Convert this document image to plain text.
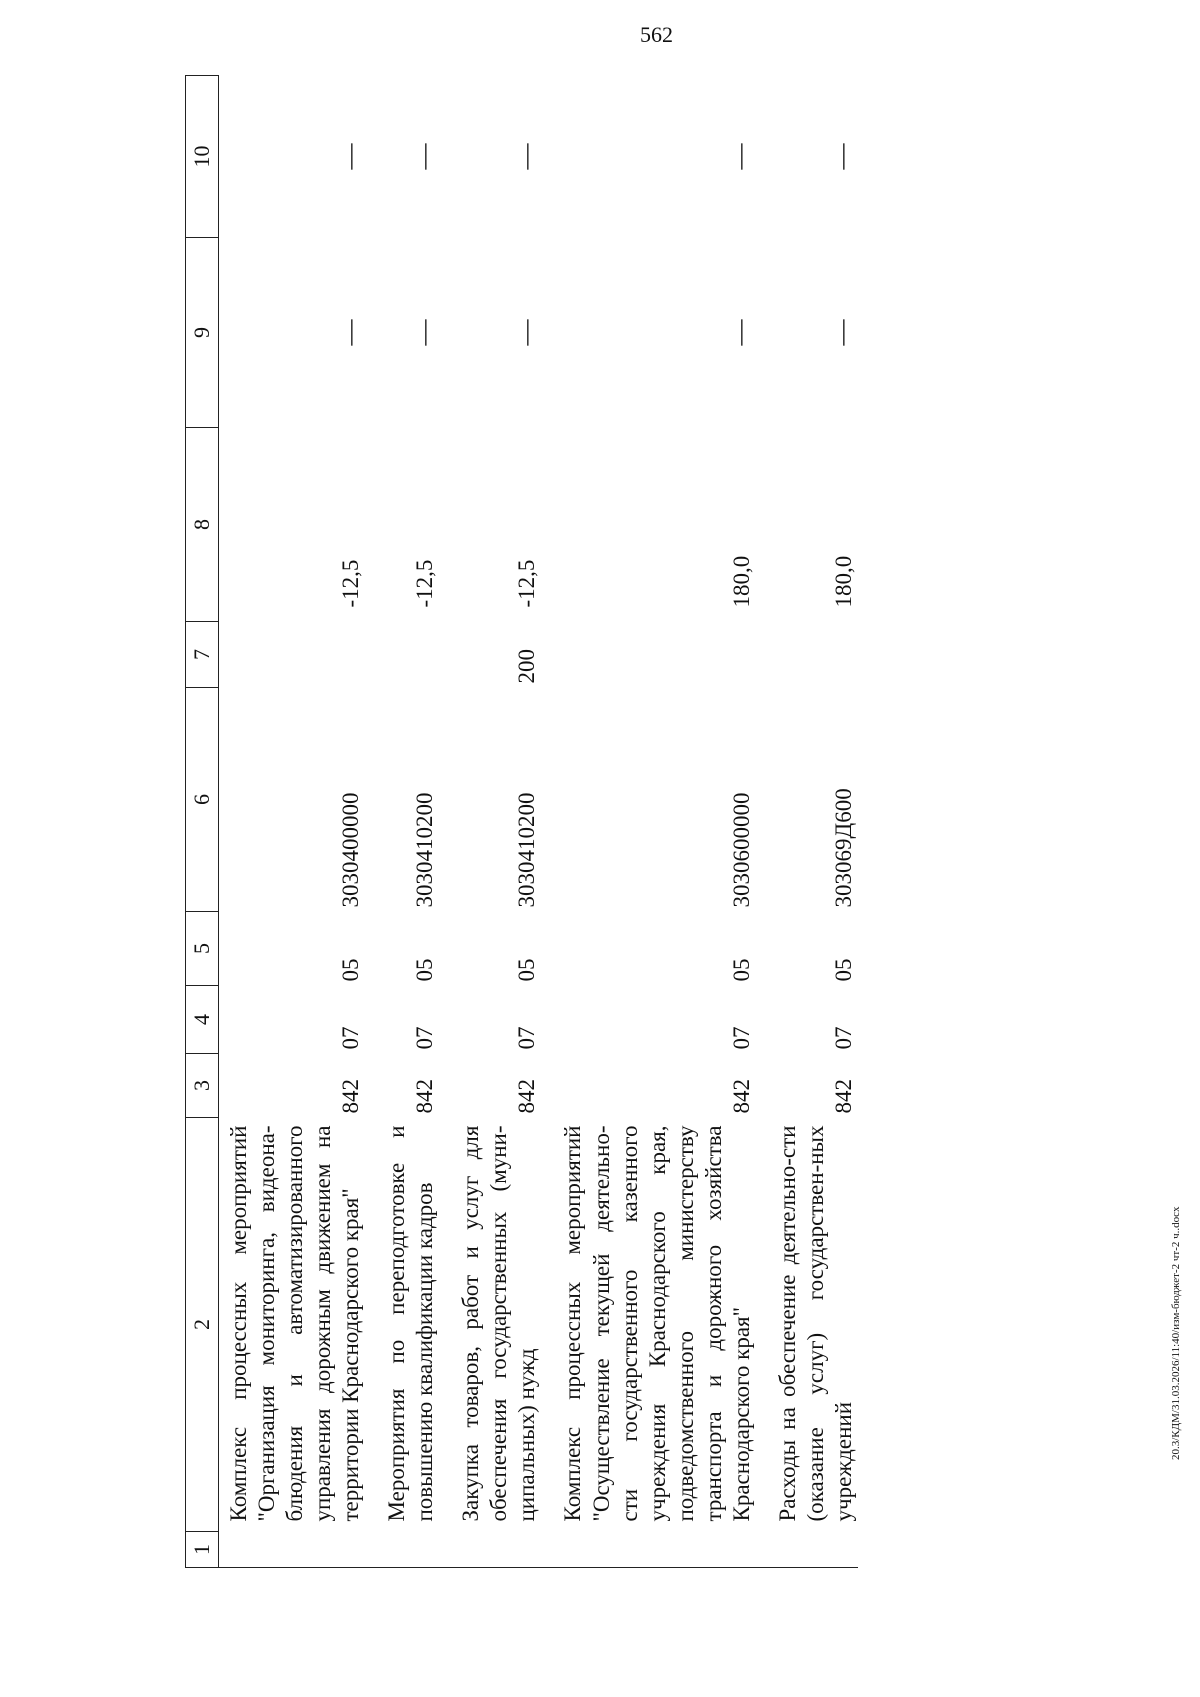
562
20.3/КДМ/31.03.2026/11:40/изм-бюджет-2 чт-2 ч..docx
1	2	3	4	5	6	7	8	9	10
	Комплекс процессных мероприятий "Организация мониторинга, видеона-блюдения и автоматизированного управления дорожным движением на территории Краснодарского края"	842	07	05	3030400000		-12,5	—	—
	Мероприятия по переподготовке и повышению квалификации кадров	842	07	05	3030410200		-12,5	—	—
	Закупка товаров, работ и услуг для обеспечения государственных (муни-ципальных) нужд	842	07	05	3030410200	200	-12,5	—	—
	Комплекс процессных мероприятий "Осуществление текущей деятельно-сти государственного казенного учреждения Краснодарского края, подведомственного министерству транспорта и дорожного хозяйства Краснодарского края"	842	07	05	3030600000		180,0	—	—
	Расходы на обеспечение деятельно-сти (оказание услуг) государствен-ных учреждений	842	07	05	303069Д600		180,0	—	—
